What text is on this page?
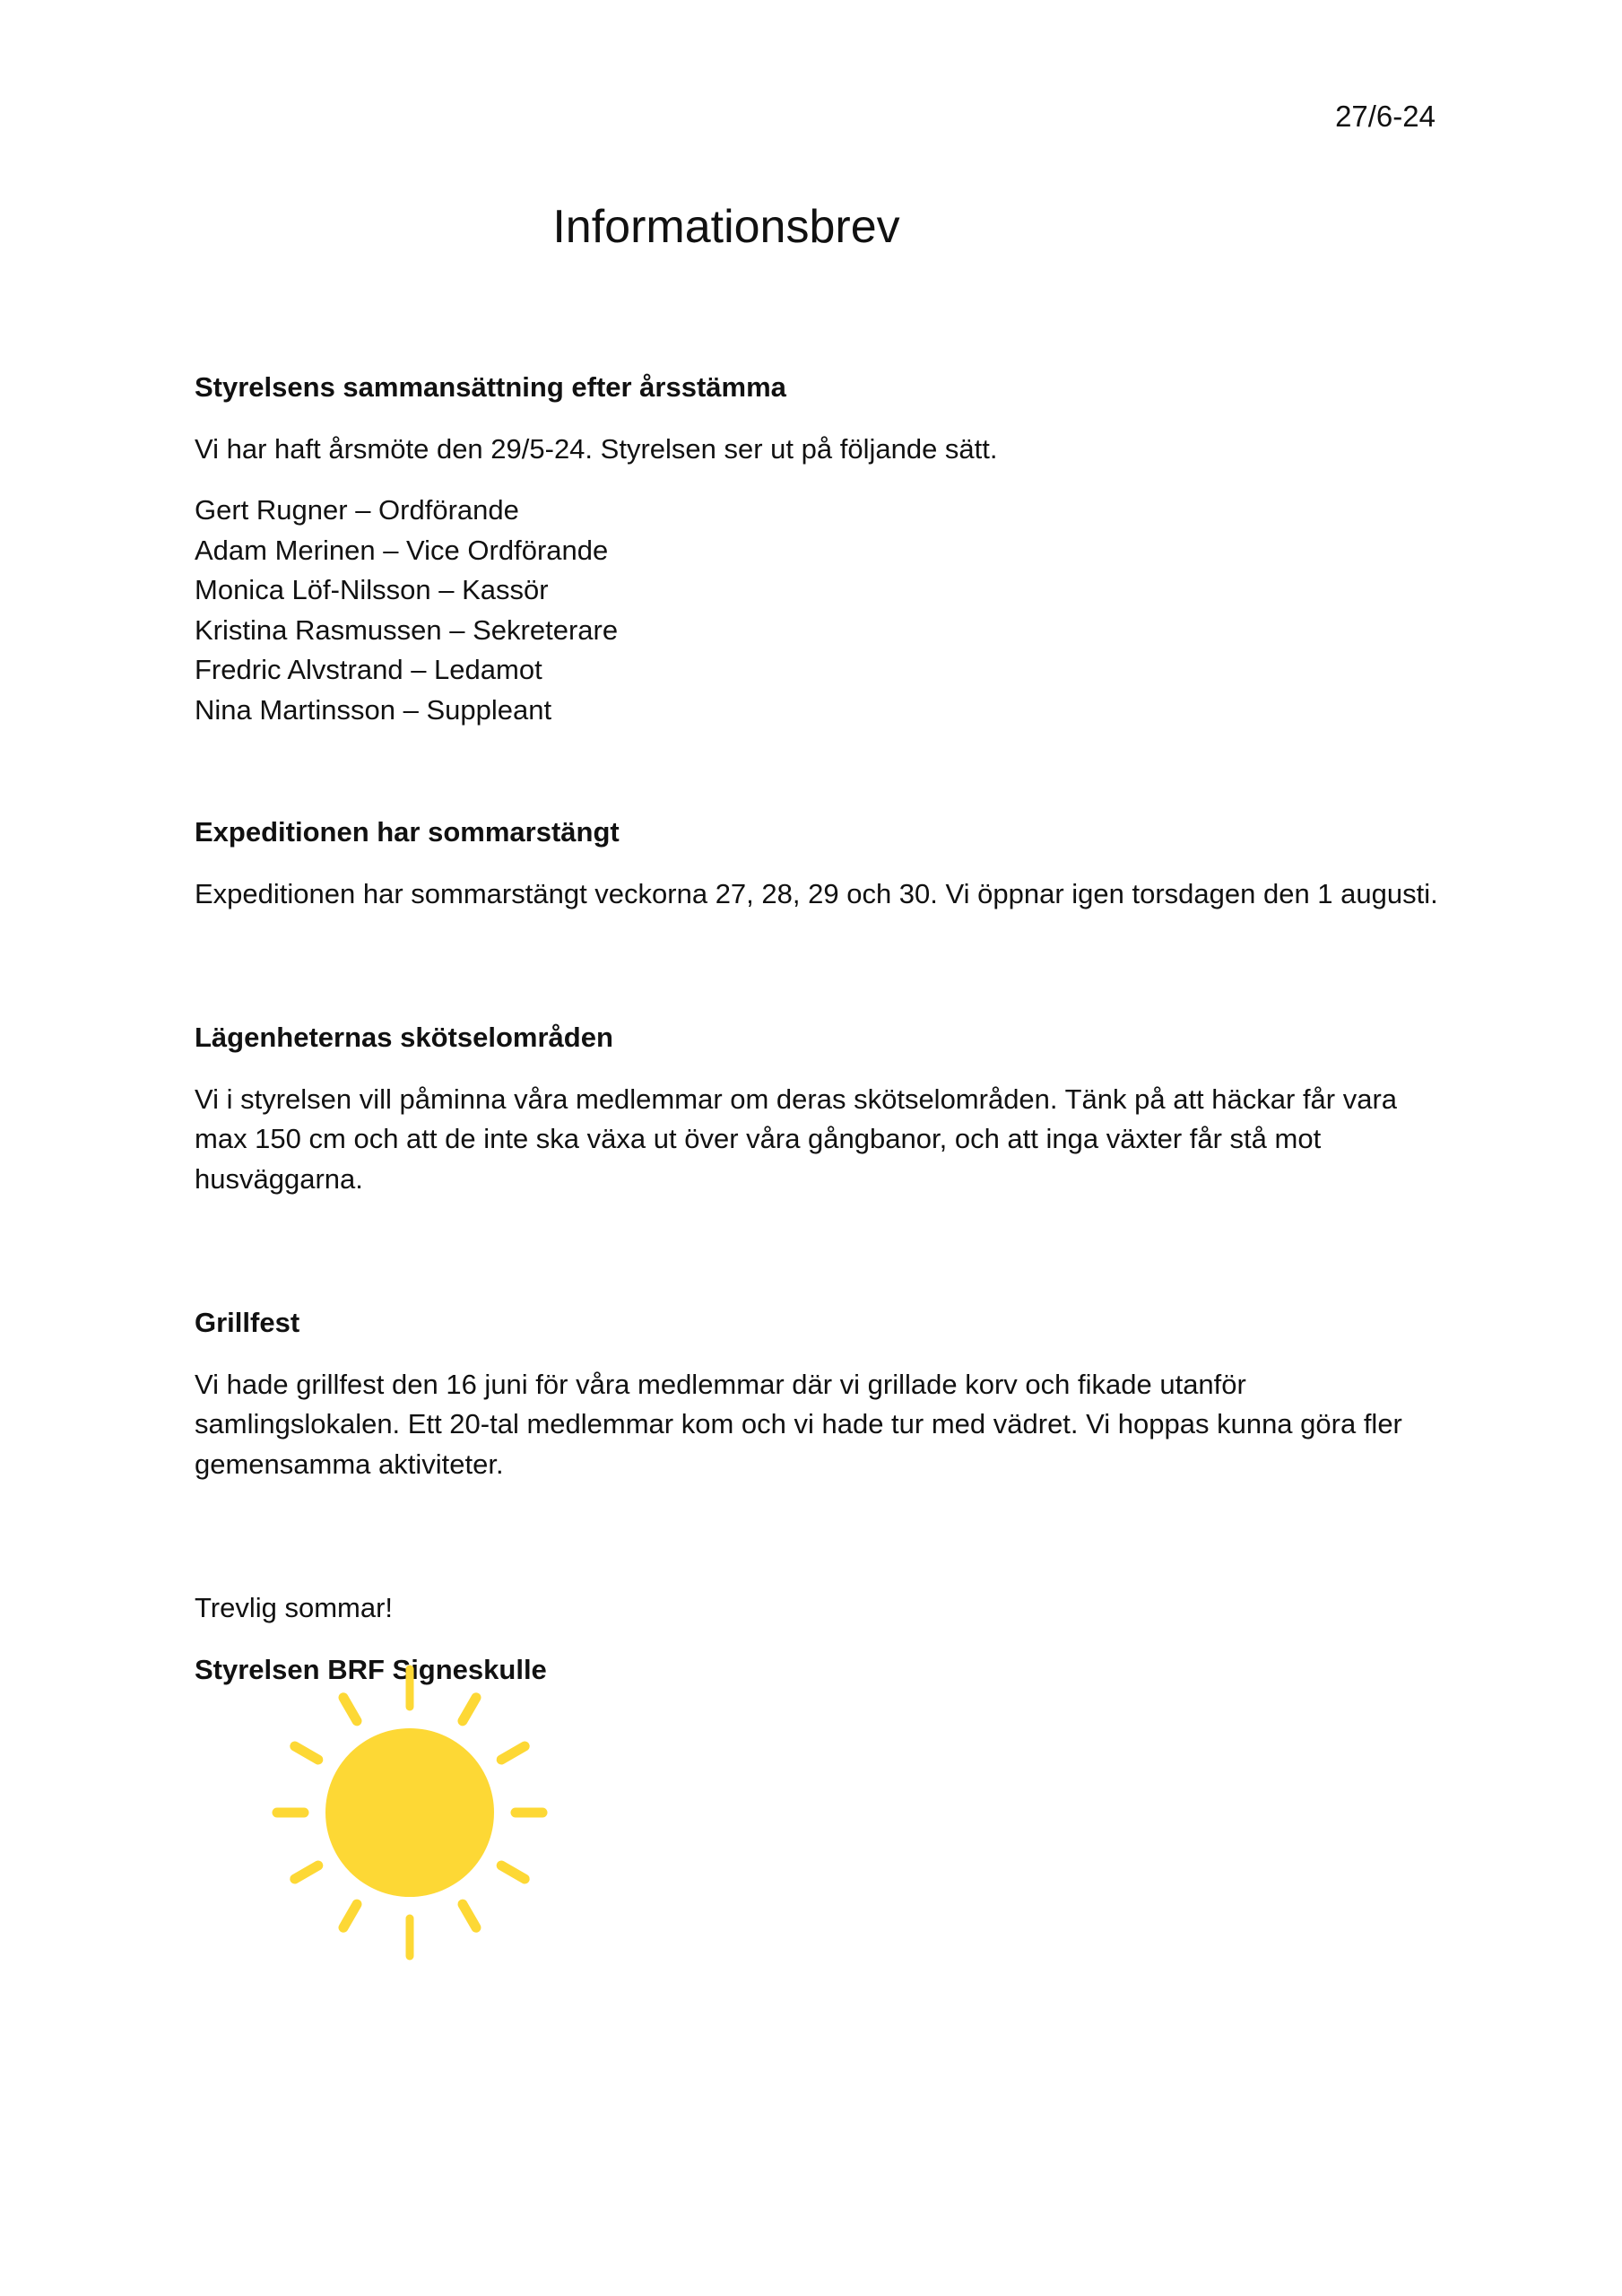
27/6-24
Informationsbrev
Styrelsens sammansättning efter årsstämma
Vi har haft årsmöte den 29/5-24. Styrelsen ser ut på följande sätt.
Gert Rugner – Ordförande
Adam Merinen – Vice Ordförande
Monica Löf-Nilsson – Kassör
Kristina Rasmussen – Sekreterare
Fredric Alvstrand – Ledamot
Nina Martinsson – Suppleant
Expeditionen har sommarstängt
Expeditionen har sommarstängt veckorna 27, 28, 29 och 30. Vi öppnar igen torsdagen den 1 augusti.
Lägenheternas skötselområden
Vi i styrelsen vill påminna våra medlemmar om deras skötselområden. Tänk på att häckar får vara max 150 cm och att de inte ska växa ut över våra gångbanor, och att inga växter får stå mot husväggarna.
Grillfest
Vi hade grillfest den 16 juni för våra medlemmar där vi grillade korv och fikade utanför samlingslokalen. Ett 20-tal medlemmar kom och vi hade tur med vädret. Vi hoppas kunna göra fler gemensamma aktiviteter.
Trevlig sommar!
Styrelsen BRF Signeskulle
